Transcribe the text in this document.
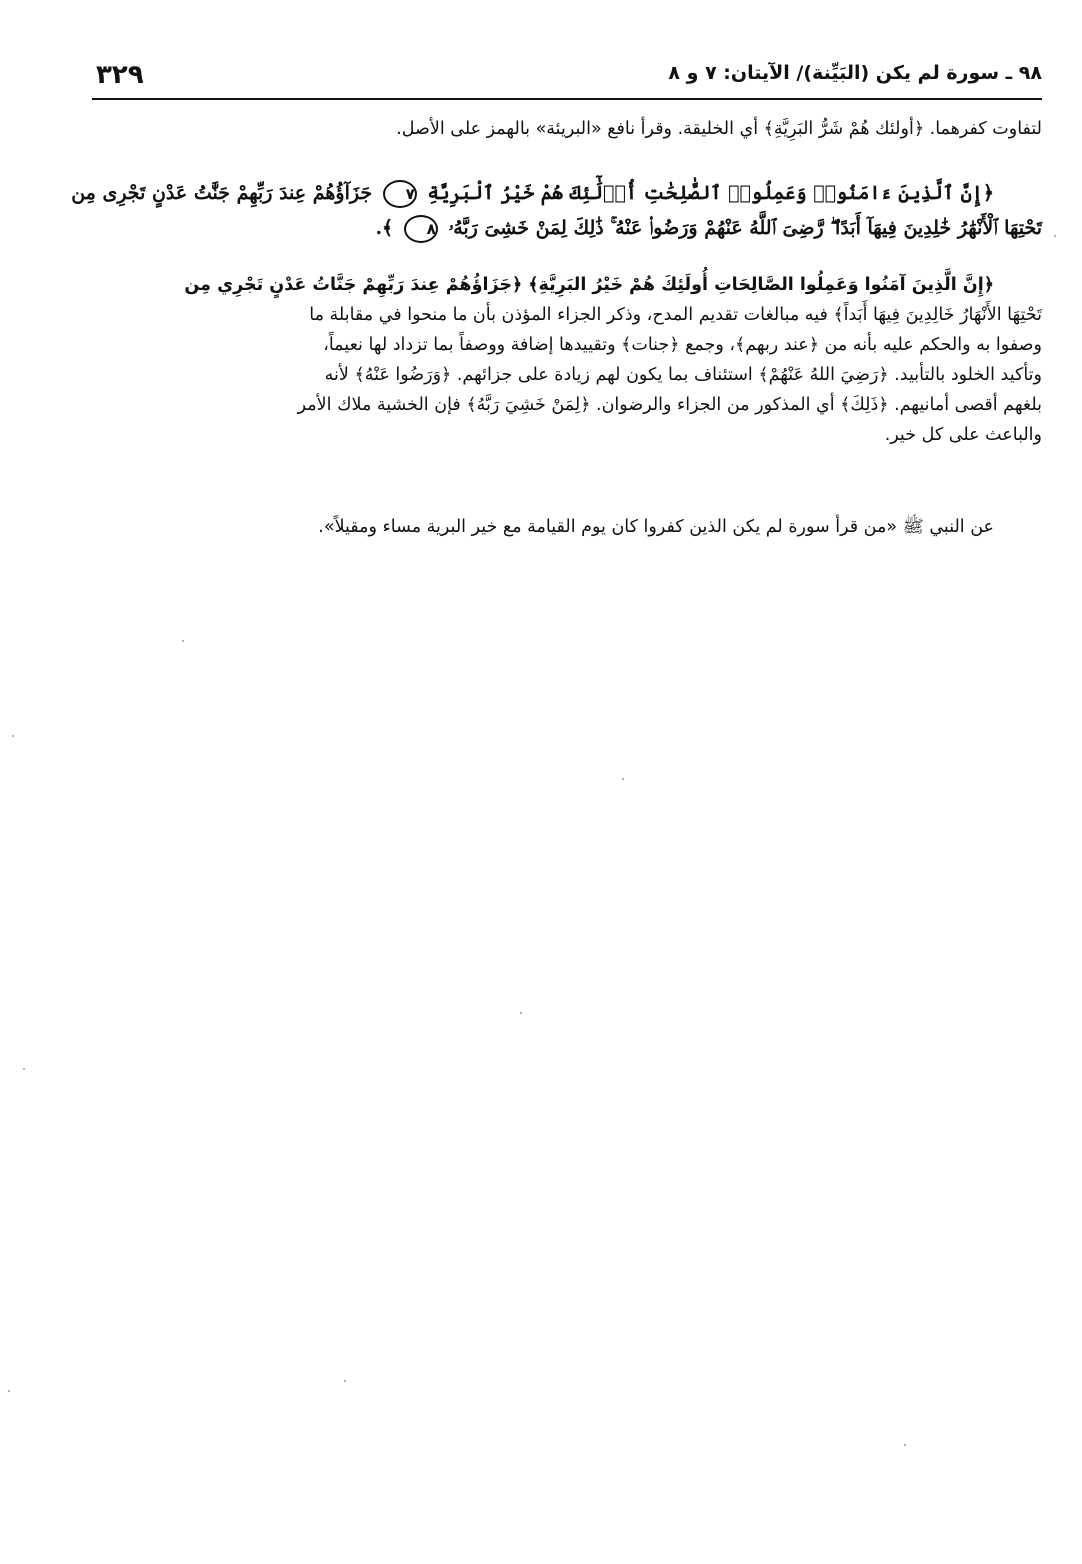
٣٢٩	٩٨ ـ سورة لم يكن (البَيِّنة)/ الآيتان: ٧ و ٨
لتفاوت كفرهما. ﴿أولئك هُمْ شَرُّ البَرِيَّةِ﴾ أي الخليقة. وقرأ نافع «البريئة» بالهمز على الأصل.
﴿إِنَّ ٱلَّذِينَ ءَامَنُوا۟ وَعَمِلُوا۟ ٱلصَّٰلِحَٰتِ أُو۟لَٰٓئِكَ هُمْ خَيْرُ ٱلْبَرِيَّةِ ٧ جَزَآؤُهُمْ عِندَ رَبِّهِمْ جَنَّٰتُ عَدْنٍ تَجْرِى مِن
تَحْتِهَا ٱلْأَنْهَٰرُ خَٰلِدِينَ فِيهَآ أَبَدًا ۖ رَّضِىَ ٱللَّهُ عَنْهُمْ وَرَضُوا۟ عَنْهُ ۚ ذَٰلِكَ لِمَنْ خَشِىَ رَبَّهُۥ ٨ ﴾.
﴿إِنَّ الَّذِينَ آمَنُوا وَعَمِلُوا الصَّالِحَاتِ أُولَئِكَ هُمْ خَيْرُ البَرِيَّةِ﴾ ﴿جَزَاؤُهُمْ عِندَ رَبِّهِمْ جَنَّاتُ عَدْنٍ تَجْرِي مِن
تَحْتِهَا الأَنْهَارُ خَالِدِينَ فِيهَا أَبَداً﴾ فيه مبالغات تقديم المدح، وذكر الجزاء المؤذن بأن ما منحوا في مقابلة ما
وصفوا به والحكم عليه بأنه من ﴿عند ربهم﴾، وجمع ﴿جنات﴾ وتقييدها إضافة ووصفاً بما تزداد لها نعيماً،
وتأكيد الخلود بالتأبيد. ﴿رَضِيَ اللهُ عَنْهُمْ﴾ استئناف بما يكون لهم زيادة على جزائهم. ﴿وَرَضُوا عَنْهُ﴾ لأنه
بلغهم أقصى أمانيهم. ﴿ذَلِكَ﴾ أي المذكور من الجزاء والرضوان. ﴿لِمَنْ خَشِيَ رَبَّهُ﴾ فإن الخشية ملاك الأمر
والباعث على كل خير.
عن النبي ﷺ «من قرأ سورة لم يكن الذين كفروا كان يوم القيامة مع خير البرية مساء ومقيلاً».
